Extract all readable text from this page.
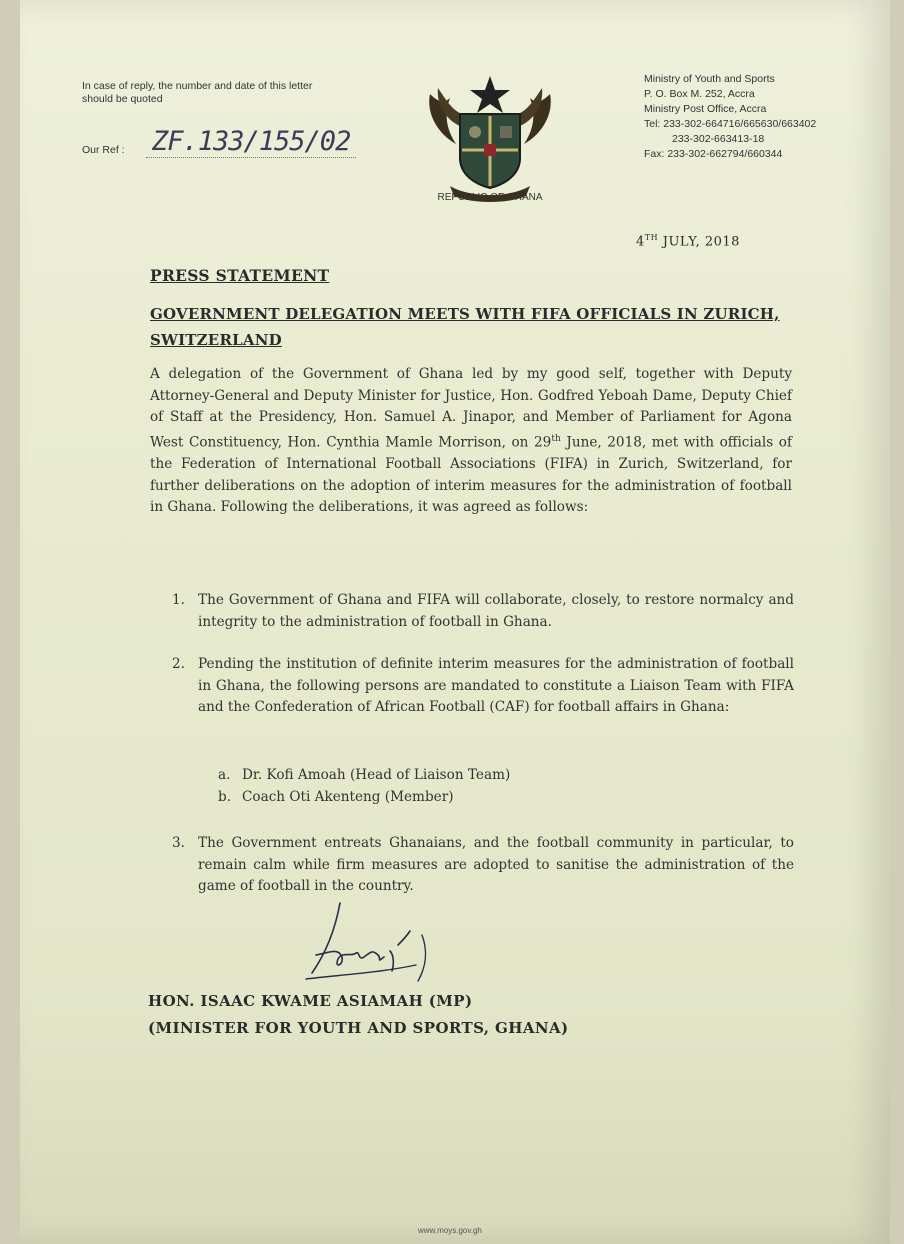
In case of reply, the number and date of this letter should be quoted
Our Ref : ZF.133/155/02
REPUBLIC OF GHANA
Ministry of Youth and Sports
P. O. Box M. 252, Accra
Ministry Post Office, Accra
Tel: 233-302-664716/665630/663402
233-302-663413-18
Fax: 233-302-662794/660344
4TH JULY, 2018
PRESS STATEMENT
GOVERNMENT DELEGATION MEETS WITH FIFA OFFICIALS IN ZURICH, SWITZERLAND
A delegation of the Government of Ghana led by my good self, together with Deputy Attorney-General and Deputy Minister for Justice, Hon. Godfred Yeboah Dame, Deputy Chief of Staff at the Presidency, Hon. Samuel A. Jinapor, and Member of Parliament for Agona West Constituency, Hon. Cynthia Mamle Morrison, on 29th June, 2018, met with officials of the Federation of International Football Associations (FIFA) in Zurich, Switzerland, for further deliberations on the adoption of interim measures for the administration of football in Ghana. Following the deliberations, it was agreed as follows:
1. The Government of Ghana and FIFA will collaborate, closely, to restore normalcy and integrity to the administration of football in Ghana.
2. Pending the institution of definite interim measures for the administration of football in Ghana, the following persons are mandated to constitute a Liaison Team with FIFA and the Confederation of African Football (CAF) for football affairs in Ghana:
a. Dr. Kofi Amoah (Head of Liaison Team)
b. Coach Oti Akenteng (Member)
3. The Government entreats Ghanaians, and the football community in particular, to remain calm while firm measures are adopted to sanitise the administration of the game of football in the country.
HON. ISAAC KWAME ASIAMAH (MP)
(MINISTER FOR YOUTH AND SPORTS, GHANA)
www.moys.gov.gh
